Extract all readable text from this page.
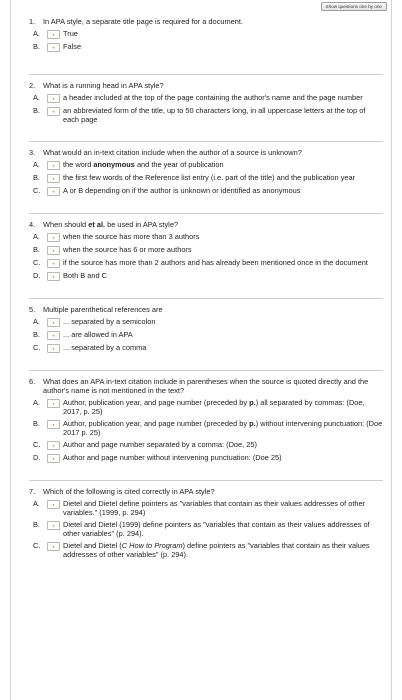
Show questions one by one
1.	In APA style, a separate title page is required for a document.
A.	▾ True
B.	▾ False
2.	What is a running head in APA style?
A.	▾ a header included at the top of the page containing the author's name and the page number
B.	▾ an abbreviated form of the title, up to 50 characters long, in all uppercase letters at the top of each page
3.	What would an in-text citation include when the author of a source is unknown?
A.	▾ the word anonymous and the year of publication
B.	▾ the first few words of the Reference list entry (i.e. part of the title) and the publication year
C.	▾ A or B depending on if the author is unknown or identified as anonymous
4.	When should et al. be used in APA style?
A.	▾ when the source has more than 3 authors
B.	▾ when the source has 6 or more authors
C.	▾ if the source has more than 2 authors and has already been mentioned once in the document
D.	▾ Both B and C
5.	Multiple parenthetical references are
A.	▾ ... separated by a semicolon
B.	▾ ... are allowed in APA
C.	▾ ... separated by a comma
6.	What does an APA in-text citation include in parentheses when the source is quoted directly and the author's name is not mentioned in the text?
A.	▾ Author, publication year, and page number (preceded by p.) all separated by commas: (Doe, 2017, p. 25)
B.	▾ Author, publication year, and page number (preceded by p.) without intervening punctuation: (Doe 2017 p. 25)
C.	▾ Author and page number separated by a comma: (Doe, 25)
D.	▾ Author and page number without intervening punctuation: (Doe 25)
7.	Which of the following is cited correctly in APA style?
A.	▾ Dietel and Dietel define pointers as "variables that contain as their values addresses of other variables." (1999, p. 294)
B.	▾ Dietel and Dietel (1999) define pointers as "variables that contain as their values addresses of other variables" (p. 294).
C.	▾ Dietel and Dietel (C How to Program) define pointers as "variables that contain as their values addresses of other variables" (p. 294).
